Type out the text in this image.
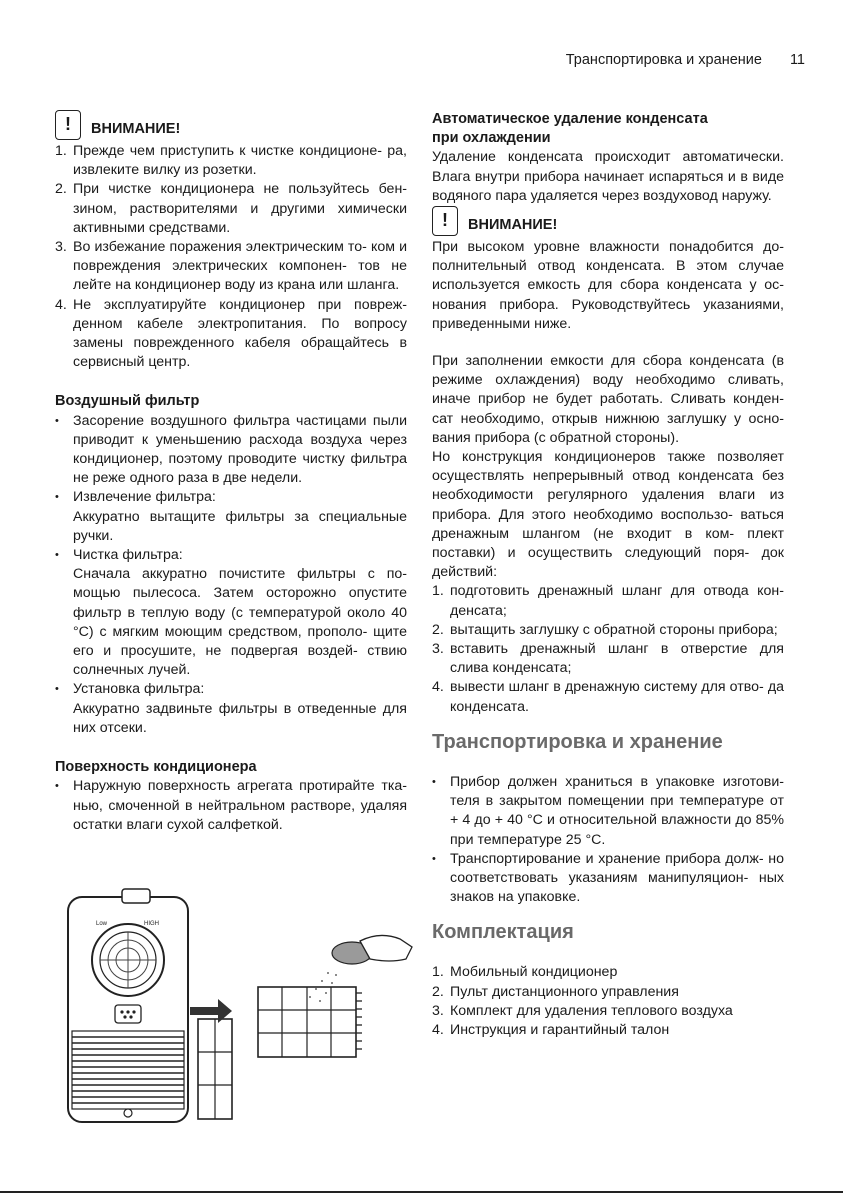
Транспортировка и хранение 11
!	ВНИМАНИЕ!
1. Прежде чем приступить к чистке кондиционе- ра, извлеките вилку из розетки.
2. При чистке кондиционера не пользуйтесь бен- зином, растворителями и другими химически активными средствами.
3. Во избежание поражения электрическим то- ком и повреждения электрических компонен- тов не лейте на кондиционер воду из крана или шланга.
4. Не эксплуатируйте кондиционер при повреж- денном кабеле электропитания. По вопросу замены поврежденного кабеля обращайтесь в сервисный центр.

Воздушный фильтр

• Засорение воздушного фильтра частицами пыли приводит к уменьшению расхода воздуха через кондиционер, поэтому проводите чистку фильтра не реже одного раза в две недели.
• Извлечение фильтра:
Аккуратно вытащите фильтры за специальные ручки.
• Чистка фильтра:
Сначала аккуратно почистите фильтры с по- мощью пылесоса. Затем осторожно опустите фильтр в теплую воду (с температурой около 40 °C) с мягким моющим средством, прополо- щите его и просушите, не подвергая воздей- ствию солнечных лучей.
• Установка фильтра:
Аккуратно задвиньте фильтры в отведенные для них отсеки.

Поверхность кондиционера

• Наружную поверхность агрегата протирайте тка- нью, смоченной в нейтральном растворе, удаляя остатки влаги сухой салфеткой.
Low	HIGH

Автоматическое удаление конденсата

при охлаждении

Удаление конденсата происходит автоматически. Влага внутри прибора начинает испаряться и в виде водяного пара удаляется через воздуховод наружу.

!	ВНИМАНИЕ!

При высоком уровне влажности понадобится до- полнительный отвод конденсата. В этом случае используется емкость для сбора конденсата у ос- нования прибора. Руководствуйтесь указаниями, приведенными ниже.

При заполнении емкости для сбора конденсата (в режиме охлаждения) воду необходимо сливать, иначе прибор не будет работать. Сливать конден- сат необходимо, открыв нижнюю заглушку у осно- вания прибора (с обратной стороны).

Но конструкция кондиционеров также позволяет осуществлять непрерывный отвод конденсата без необходимости регулярного удаления влаги из прибора. Для этого необходимо воспользо- ваться дренажным шлангом (не входит в ком- плект поставки) и осуществить следующий поря- док действий:

1. подготовить дренажный шланг для отвода кон- денсата;
2. вытащить заглушку с обратной стороны прибора;
3. вставить дренажный шланг в отверстие для слива конденсата;
4. вывести шланг в дренажную систему для отво- да конденсата.

Транспортировка и хранение

• Прибор должен храниться в упаковке изготови- теля в закрытом помещении при температуре от + 4 до + 40 °C и относительной влажности до 85% при температуре 25 °C.
• Транспортирование и хранение прибора долж- но соответствовать указаниям манипуляцион- ных знаков на упаковке.

Комплектация

1. Мобильный кондиционер
2. Пульт дистанционного управления
3. Комплект для удаления теплового воздуха
4. Инструкция и гарантийный талон
